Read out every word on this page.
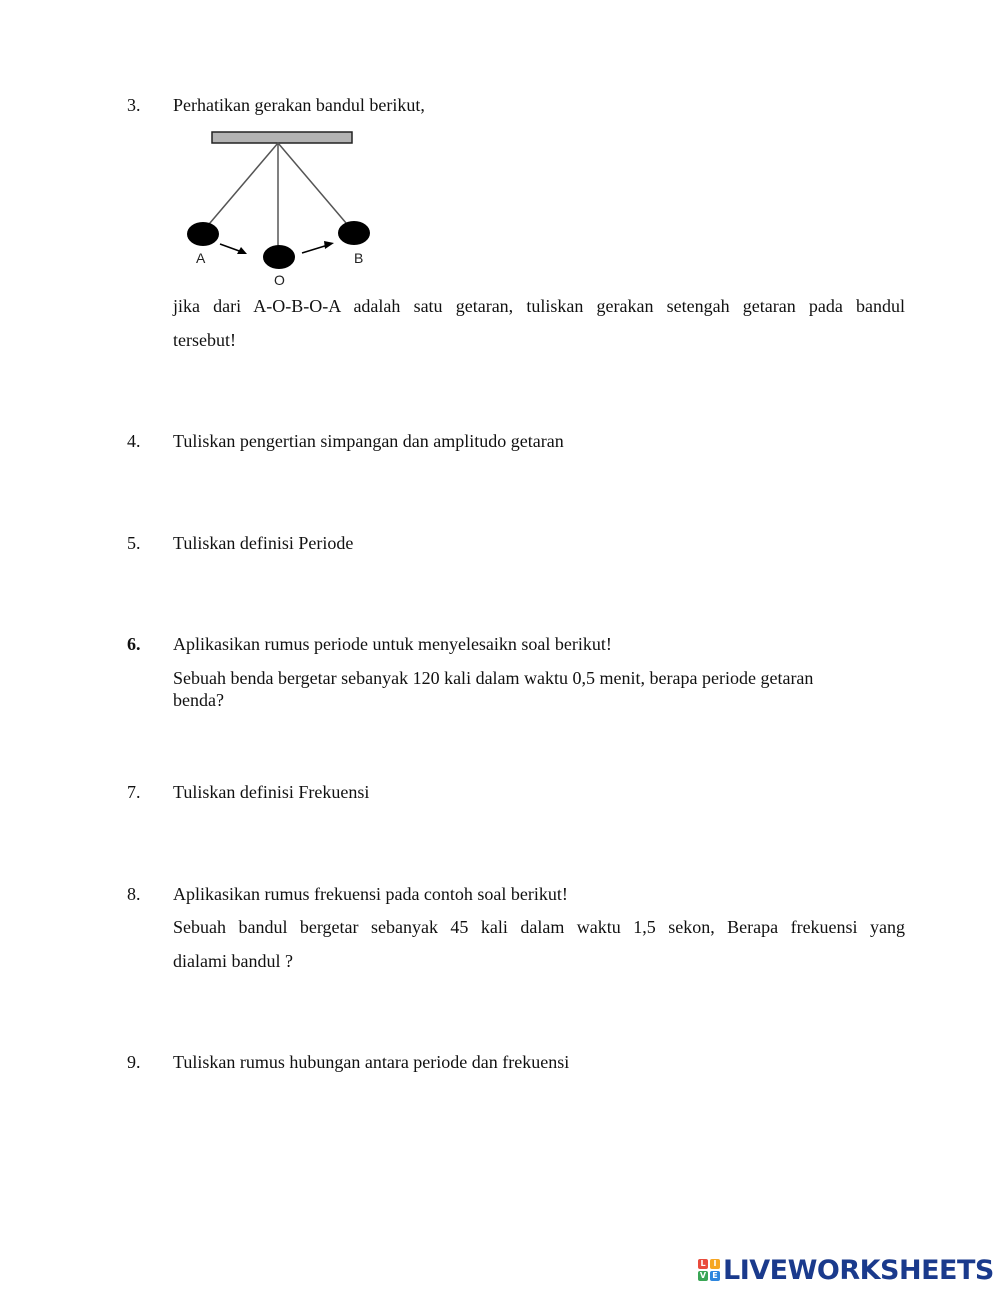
3. Perhatikan gerakan bandul berikut,
A
O
B
jika dari A-O-B-O-A adalah satu getaran, tuliskan gerakan setengah getaran pada bandul
tersebut!
4. Tuliskan pengertian simpangan dan amplitudo getaran
5. Tuliskan definisi Periode
6. Aplikasikan rumus periode untuk menyelesaikn soal berikut!
Sebuah benda bergetar sebanyak 120 kali dalam waktu 0,5 menit, berapa periode getaran
benda?
7. Tuliskan definisi Frekuensi
8. Aplikasikan rumus frekuensi pada contoh soal berikut!
Sebuah bandul bergetar sebanyak 45 kali dalam waktu 1,5 sekon, Berapa frekuensi yang
dialami bandul ?
9. Tuliskan rumus hubungan antara periode dan frekuensi
L I
V E LIVEWORKSHEETS
